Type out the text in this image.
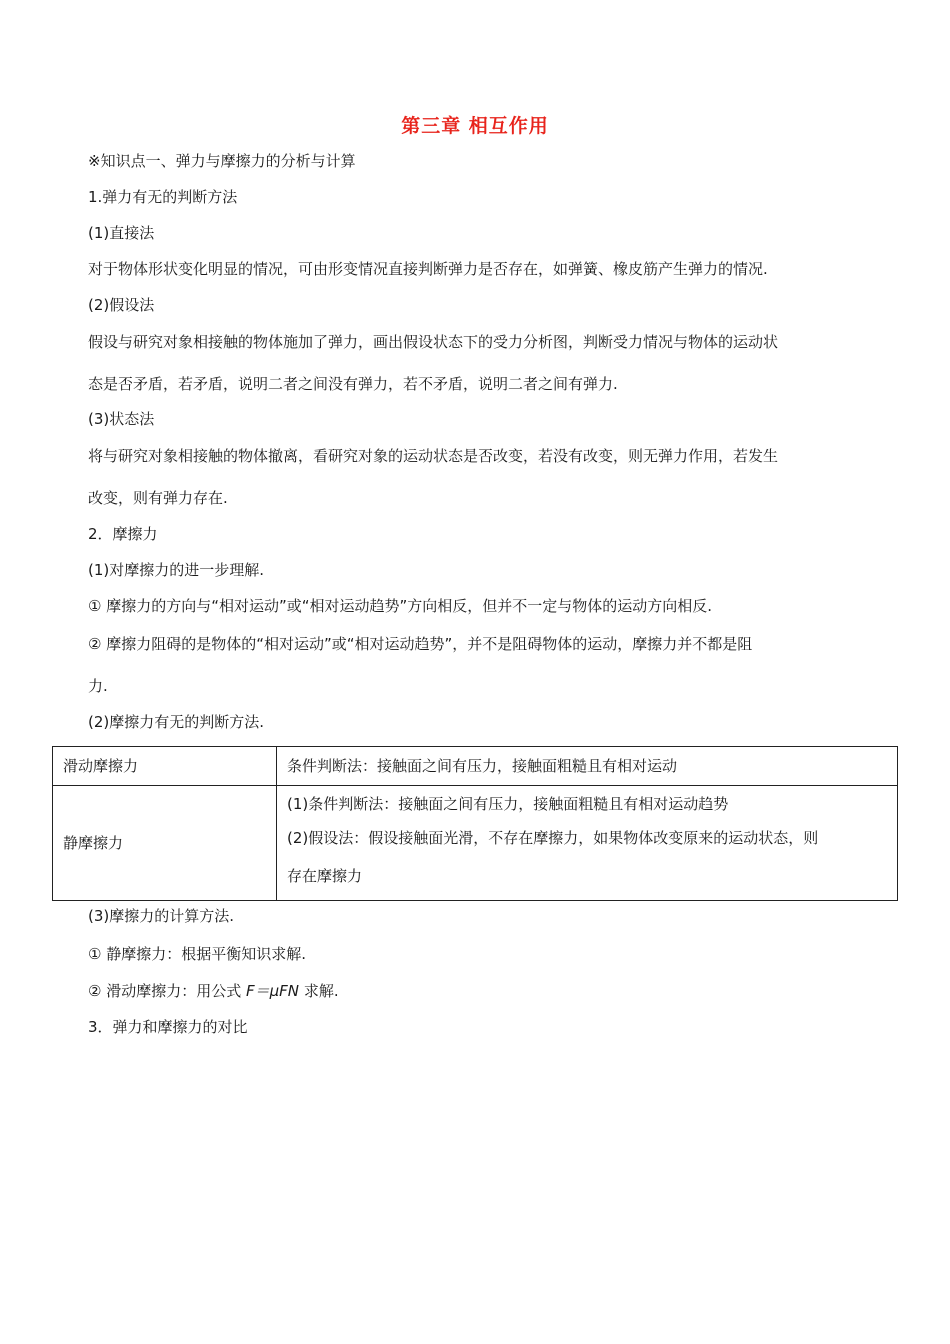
第三章 相互作用
※知识点一、弹力与摩擦力的分析与计算
1.弹力有无的判断方法
(1)直接法
对于物体形状变化明显的情况，可由形变情况直接判断弹力是否存在，如弹簧、橡皮筋产生弹力的情况.
(2)假设法
假设与研究对象相接触的物体施加了弹力，画出假设状态下的受力分析图，判断受力情况与物体的运动状
态是否矛盾，若矛盾，说明二者之间没有弹力，若不矛盾，说明二者之间有弹力.
(3)状态法
将与研究对象相接触的物体撤离，看研究对象的运动状态是否改变，若没有改变，则无弹力作用，若发生
改变，则有弹力存在.
2．摩擦力
(1)对摩擦力的进一步理解.
① 摩擦力的方向与“相对运动”或“相对运动趋势”方向相反，但并不一定与物体的运动方向相反.
② 摩擦力阻碍的是物体的“相对运动”或“相对运动趋势”，并不是阻碍物体的运动，摩擦力并不都是阻
力.
(2)摩擦力有无的判断方法.
滑动摩擦力	条件判断法：接触面之间有压力，接触面粗糙且有相对运动
静摩擦力	(1)条件判断法：接触面之间有压力，接触面粗糙且有相对运动趋势
(2)假设法：假设接触面光滑，不存在摩擦力，如果物体改变原来的运动状态，则
存在摩擦力
(3)摩擦力的计算方法.
① 静摩擦力：根据平衡知识求解.
② 滑动摩擦力：用公式 F＝μFN 求解.
3．弹力和摩擦力的对比
